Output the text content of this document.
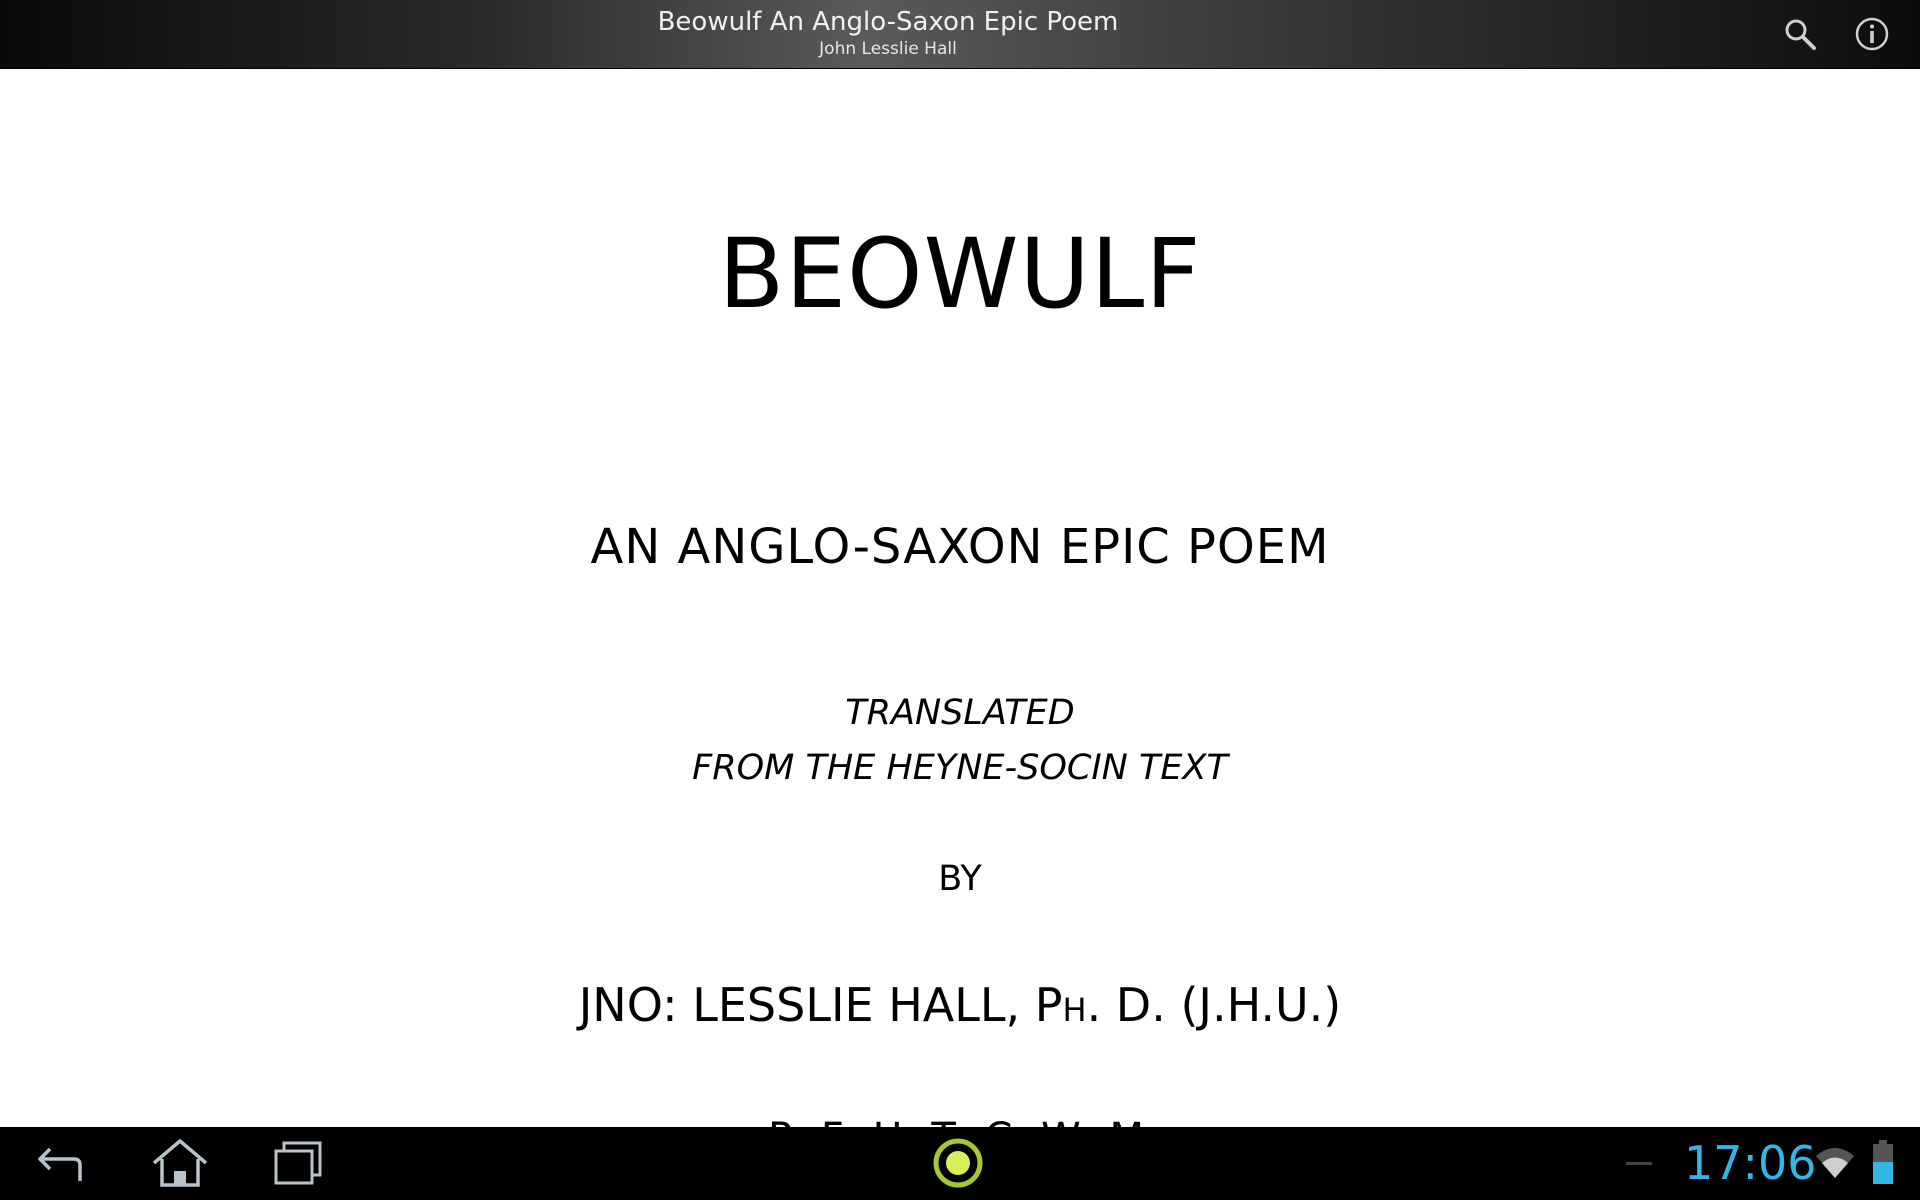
Beowulf An Anglo-Saxon Epic Poem
John Lesslie Hall
BEOWULF
AN ANGLO-SAXON EPIC POEM
TRANSLATED
FROM THE HEYNE-SOCIN TEXT
BY
JNO: LESSLIE HALL, PH. D. (J.H.U.)
17:06
